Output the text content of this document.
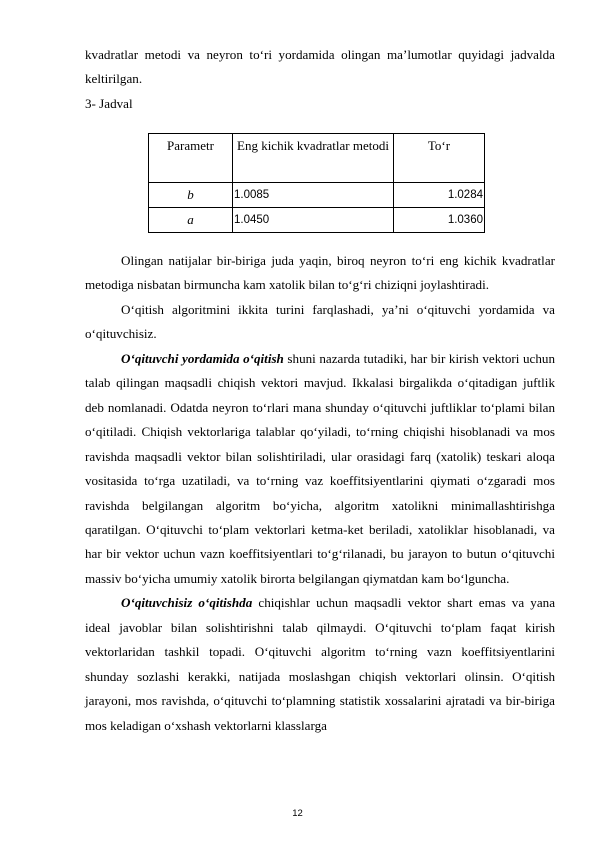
kvadratlar metodi va neyron to‘ri yordamida olingan ma’lumotlar quyidagi jadvalda keltirilgan.

3- Jadval

Parametr	Eng kichik kvadratlar metodi	To‘r
b	1.0085	1.0284
a	1.0450	1.0360

Olingan natijalar bir-biriga juda yaqin, biroq neyron to‘ri eng kichik kvadratlar metodiga nisbatan birmuncha kam xatolik bilan to‘g‘ri chiziqni joylashtiradi.

O‘qitish algoritmini ikkita turini farqlashadi, ya’ni o‘qituvchi yordamida va o‘qituvchisiz.

O‘qituvchi yordamida o‘qitish shuni nazarda tutadiki, har bir kirish vektori uchun talab qilingan maqsadli chiqish vektori mavjud. Ikkalasi birgalikda o‘qitadigan juftlik deb nomlanadi. Odatda neyron to‘rlari mana shunday o‘qituvchi juftliklar to‘plami bilan o‘qitiladi. Chiqish vektorlariga talablar qo‘yiladi, to‘rning chiqishi hisoblanadi va mos ravishda maqsadli vektor bilan solishtiriladi, ular orasidagi farq (xatolik) teskari aloqa vositasida to‘rga uzatiladi, va to‘rning vaz koeffitsiyentlarini qiymati o‘zgaradi mos ravishda belgilangan algoritm bo‘yicha, algoritm xatolikni minimallashtirishga qaratilgan. O‘qituvchi to‘plam vektorlari ketma-ket beriladi, xatoliklar hisoblanadi, va har bir vektor uchun vazn koeffitsiyentlari to‘g‘rilanadi, bu jarayon to butun o‘qituvchi massiv bo‘yicha umumiy xatolik birorta belgilangan qiymatdan kam bo‘lguncha.

O‘qituvchisiz o‘qitishda chiqishlar uchun maqsadli vektor shart emas va yana ideal javoblar bilan solishtirishni talab qilmaydi. O‘qituvchi to‘plam faqat kirish vektorlaridan tashkil topadi. O‘qituvchi algoritm to‘rning vazn koeffitsiyentlarini shunday sozlashi kerakki, natijada moslashgan chiqish vektorlari olinsin. O‘qitish jarayoni, mos ravishda, o‘qituvchi to‘plamning statistik xossalarini ajratadi va bir-biriga mos keladigan o‘xshash vektorlarni klasslarga

12
